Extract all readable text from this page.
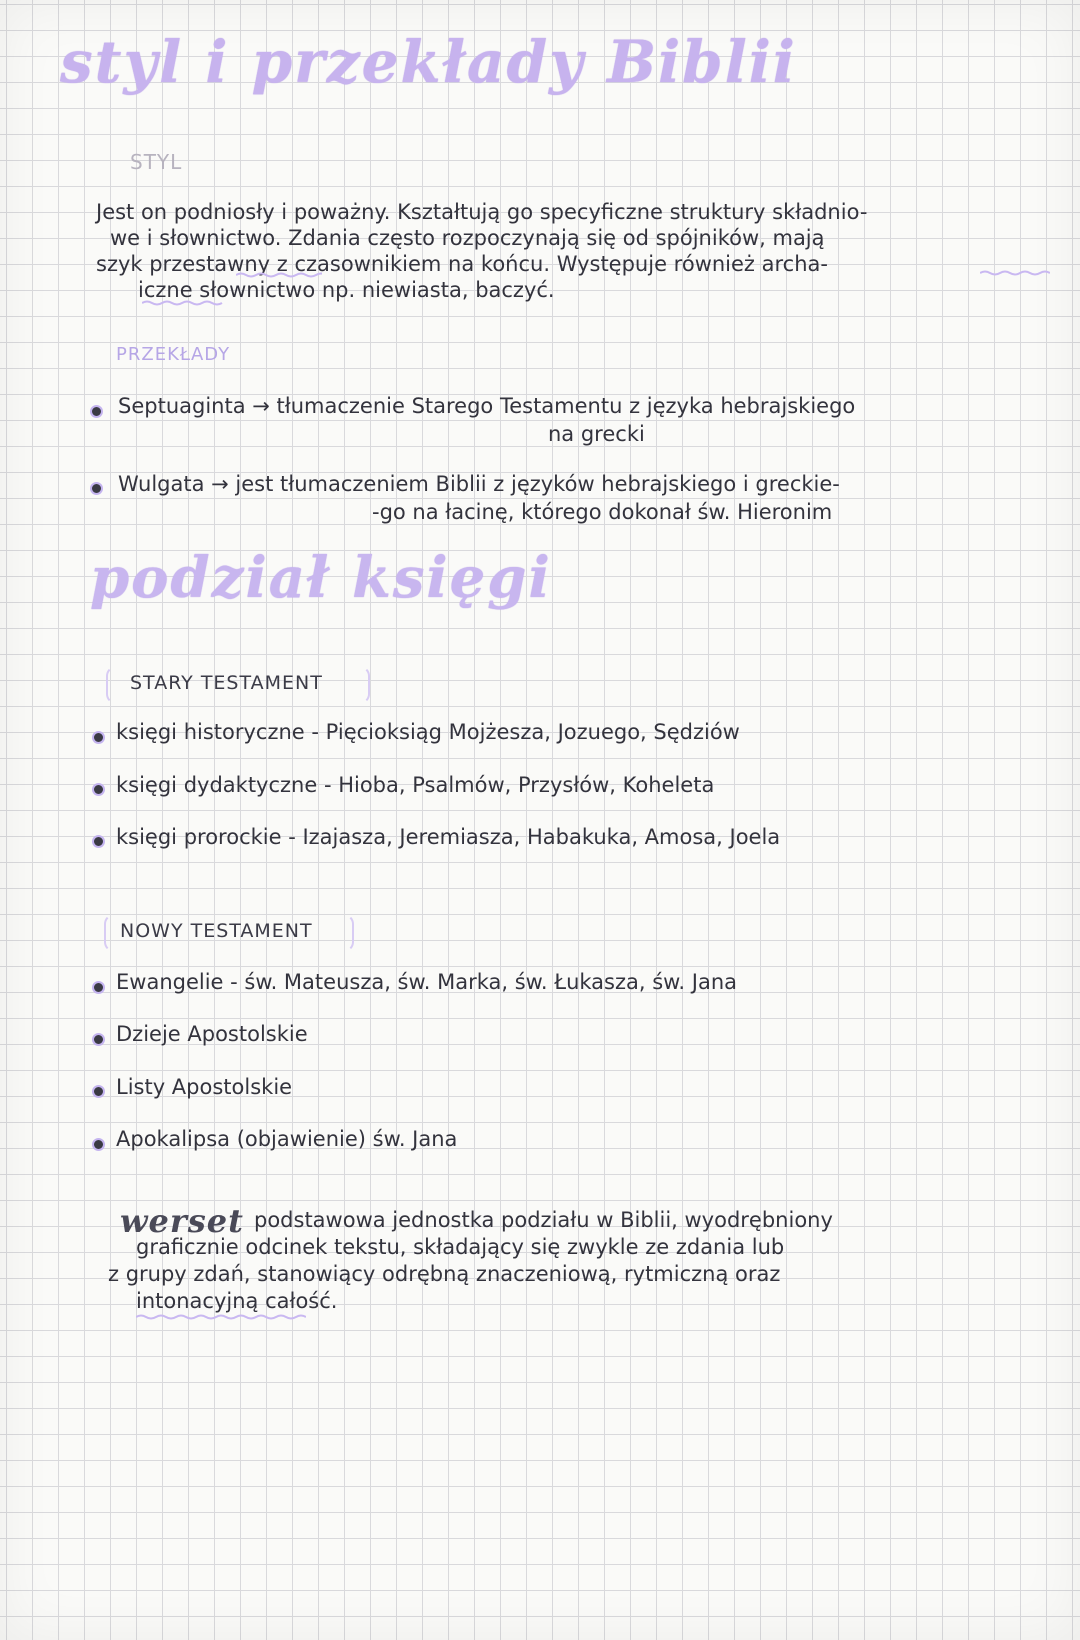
styl i przekłady Biblii
STYL
Jest on podniosły i poważny. Kształtują go specyficzne struktury składnio-
we i słownictwo. Zdania często rozpoczynają się od spójników, mają
szyk przestawny z czasownikiem na końcu. Występuje również archa-
iczne słownictwo np. niewiasta, baczyć.
PRZEKŁADY
Septuaginta → tłumaczenie Starego Testamentu z języka hebrajskiego
na grecki
Wulgata → jest tłumaczeniem Biblii z języków hebrajskiego i greckie-
-go na łacinę, którego dokonał św. Hieronim
podział księgi
STARY TESTAMENT
księgi historyczne - Pięcioksiąg Mojżesza, Jozuego, Sędziów
księgi dydaktyczne - Hioba, Psalmów, Przysłów, Koheleta
księgi prorockie - Izajasza, Jeremiasza, Habakuka, Amosa, Joela
NOWY TESTAMENT
Ewangelie - św. Mateusza, św. Marka, św. Łukasza, św. Jana
Dzieje Apostolskie
Listy Apostolskie
Apokalipsa (objawienie) św. Jana
werset podstawowa jednostka podziału w Biblii, wyodrębniony
graficznie odcinek tekstu, składający się zwykle ze zdania lub
z grupy zdań, stanowiący odrębną znaczeniową, rytmiczną oraz
intonacyjną całość.
